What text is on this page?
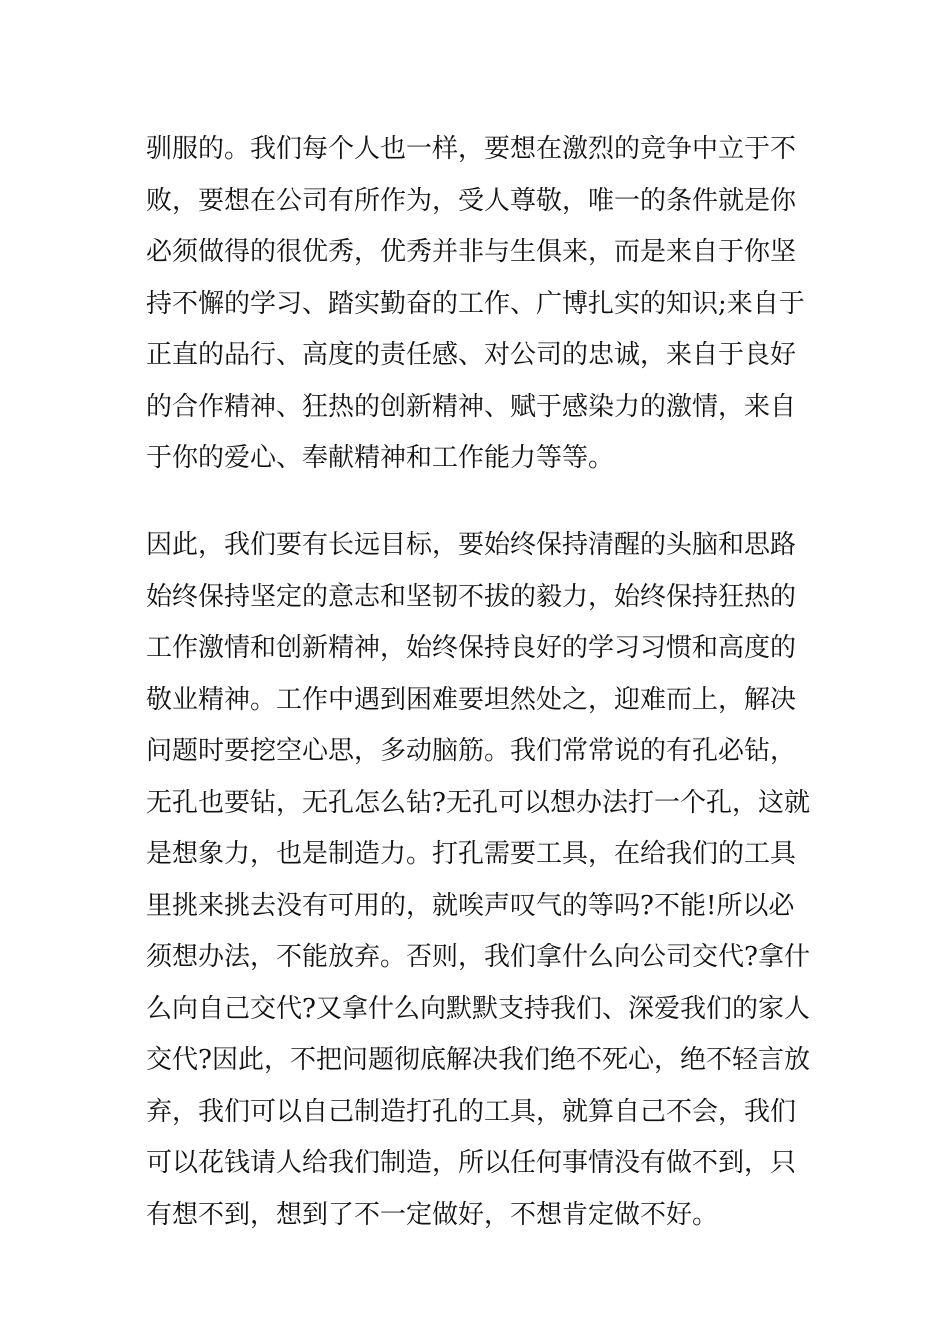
驯服的。我们每个人也一样，要想在激烈的竞争中立于不
败，要想在公司有所作为，受人尊敬，唯一的条件就是你
必须做得的很优秀，优秀并非与生俱来，而是来自于你坚
持不懈的学习、踏实勤奋的工作、广博扎实的知识;来自于
正直的品行、高度的责任感、对公司的忠诚，来自于良好
的合作精神、狂热的创新精神、赋于感染力的激情，来自
于你的爱心、奉献精神和工作能力等等。
因此，我们要有长远目标，要始终保持清醒的头脑和思路
始终保持坚定的意志和坚韧不拔的毅力，始终保持狂热的
工作激情和创新精神，始终保持良好的学习习惯和高度的
敬业精神。工作中遇到困难要坦然处之，迎难而上，解决
问题时要挖空心思，多动脑筋。我们常常说的有孔必钻，
无孔也要钻，无孔怎么钻?无孔可以想办法打一个孔，这就
是想象力，也是制造力。打孔需要工具，在给我们的工具
里挑来挑去没有可用的，就唉声叹气的等吗?不能!所以必
须想办法，不能放弃。否则，我们拿什么向公司交代?拿什
么向自己交代?又拿什么向默默支持我们、深爱我们的家人
交代?因此，不把问题彻底解决我们绝不死心，绝不轻言放
弃，我们可以自己制造打孔的工具，就算自己不会，我们
可以花钱请人给我们制造，所以任何事情没有做不到，只
有想不到，想到了不一定做好，不想肯定做不好。
